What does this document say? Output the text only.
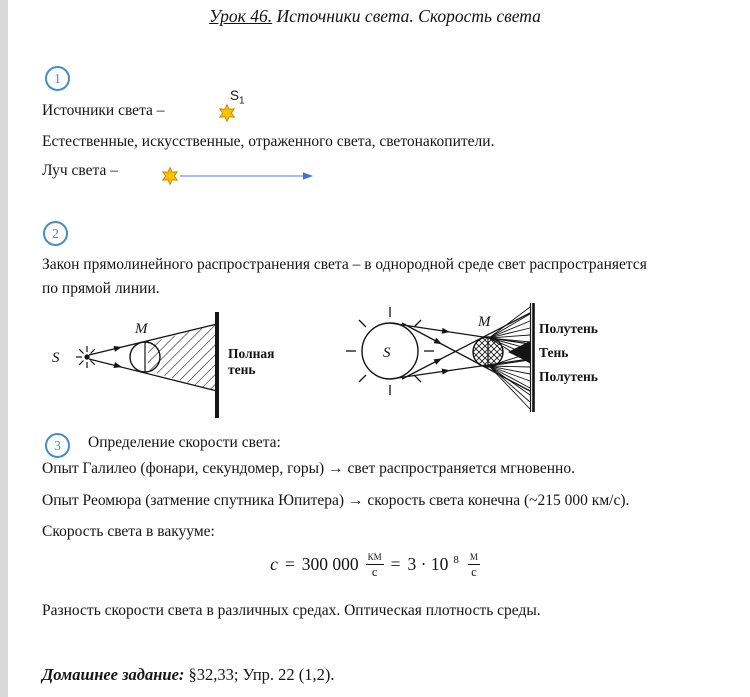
Урок 46. Источники света. Скорость света
1
Источники света –
$S_1$
Естественные, искусственные, отраженного света, светонакопители.
Луч света –
2
Закон прямолинейного распространения света – в однородной среде свет распространяется
по прямой линии.
S
M
Полная
тень
S
M	Полутень
Тень
Полутень
3	Определение скорости света:
Опыт Галилео (фонари, секундомер, горы) → свет распространяется мгновенно.
Опыт Реомюра (затмение спутника Юпитера) → скорость света конечна (~215 000 км/с).
Скорость света в вакууме:
c = 300 $000 \frac{км}{с} = 3 \cdot 10$ $^8 \frac{м}{с}$
Разность скорости света в различных средах. Оптическая плотность среды.
Домашнее задание: §32,33; Упр. 22 (1,2).
